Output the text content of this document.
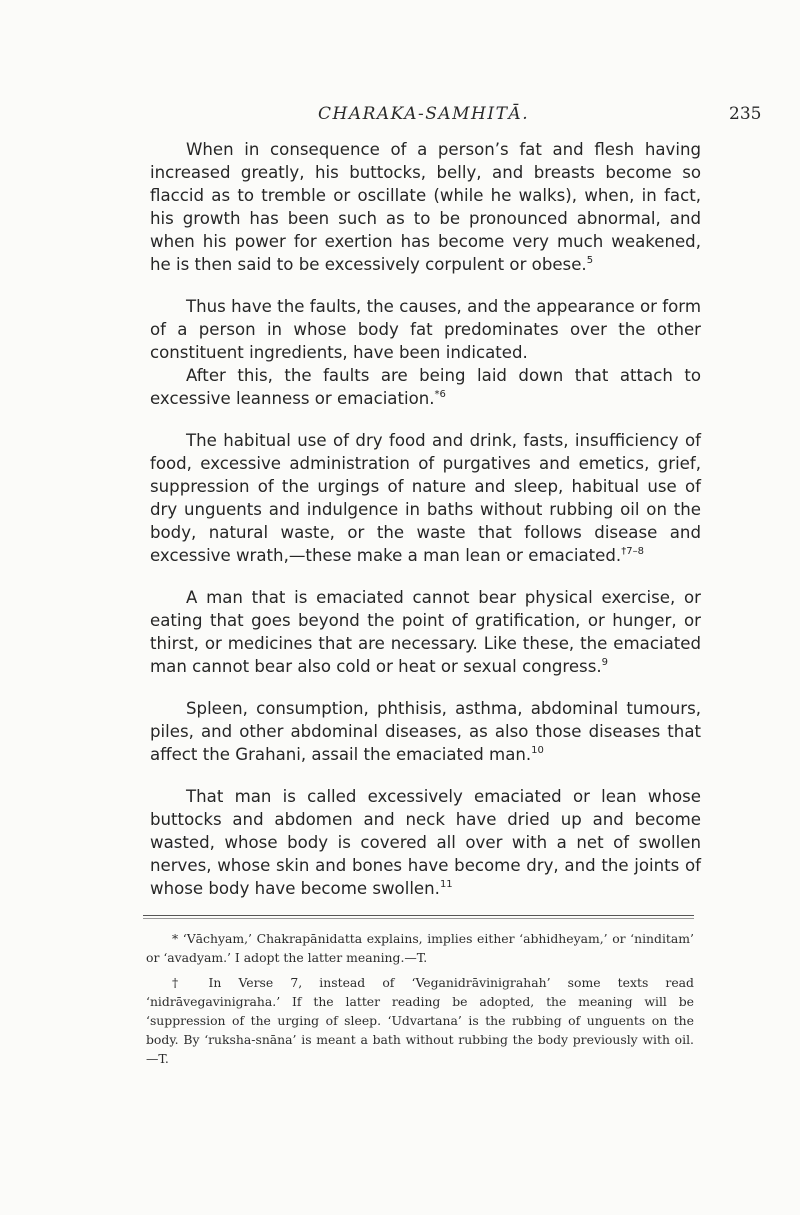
CHARAKA-SAMHITĀ.	235

When in consequence of a person’s fat and flesh having increased greatly, his buttocks, belly, and breasts become so flaccid as to tremble or oscillate (while he walks), when, in fact, his growth has been such as to be pronounced abnormal, and when his power for exertion has become very much weakened, he is then said to be excessively corpulent or obese.$^5$

Thus have the faults, the causes, and the appearance or form of a person in whose body fat predominates over the other constituent ingredients, have been indicated.

After this, the faults are being laid down that attach to excessive leanness or emaciation.$^{*6}$

The habitual use of dry food and drink, fasts, insufficiency of food, excessive administration of purgatives and emetics, grief, suppression of the urgings of nature and sleep, habitual use of dry unguents and indulgence in baths without rubbing oil on the body, natural waste, or the waste that follows disease and excessive wrath,—these make a man lean or emaciated.$^{\dagger 7-8}$

A man that is emaciated cannot bear physical exercise, or eating that goes beyond the point of gratification, or hunger, or thirst, or medicines that are necessary. Like these, the emaciated man cannot bear also cold or heat or sexual congress.$^9$

Spleen, consumption, phthisis, asthma, abdominal tumours, piles, and other abdominal diseases, as also those diseases that affect the Grahani, assail the emaciated man.$^{10}$

That man is called excessively emaciated or lean whose buttocks and abdomen and neck have dried up and become wasted, whose body is covered all over with a net of swollen nerves, whose skin and bones have become dry, and the joints of whose body have become swollen.$^{11}$

* ‘Vāchyam,’ Chakrapānidatta explains, implies either ‘abhidheyam,’ or ‘ninditam’ or ‘avadyam.’ I adopt the latter meaning.—T.

† In Verse 7, instead of ‘Veganidrāvinigrahah’ some texts read ‘nidrāvegavinigraha.’ If the latter reading be adopted, the meaning will be ‘suppression of the urging of sleep. ‘Udvartana’ is the rubbing of unguents on the body. By ‘ruksha-snāna’ is meant a bath without rubbing the body previously with oil.—T.
